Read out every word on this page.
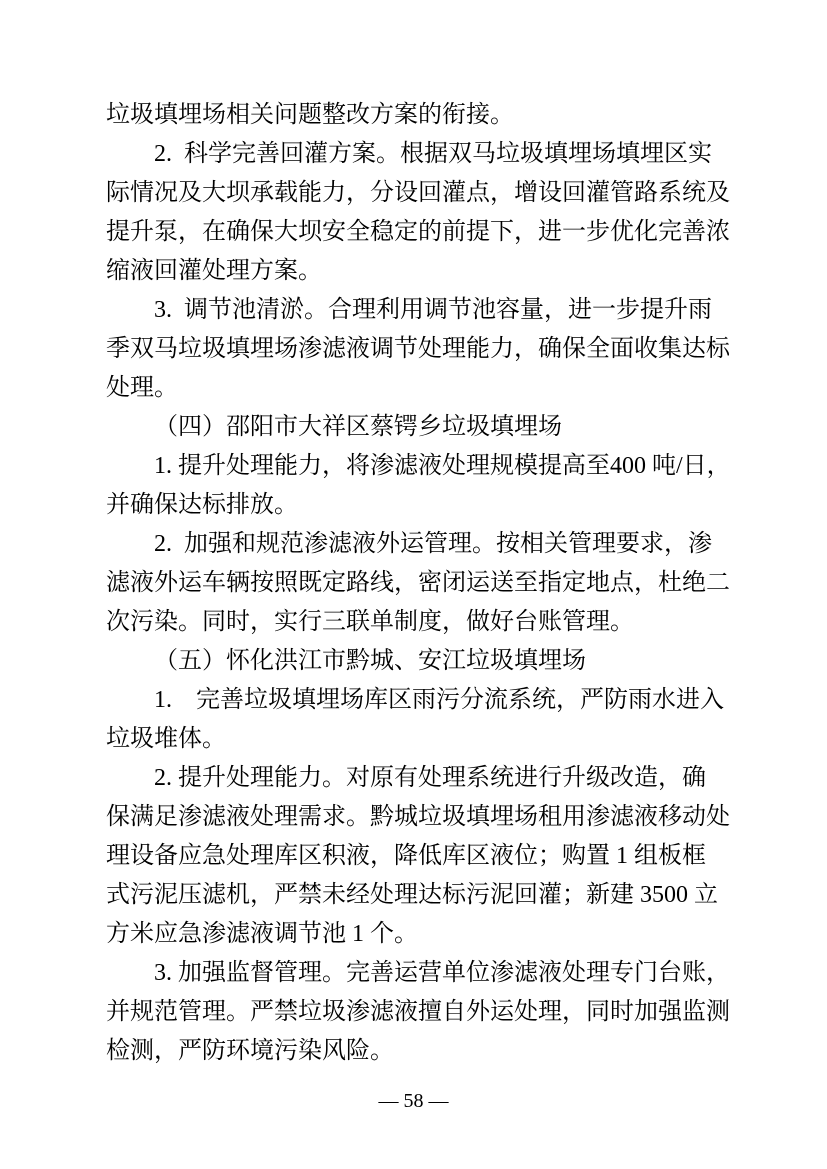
垃圾填埋场相关问题整改方案的衔接。
2.  科学完善回灌方案。根据双马垃圾填埋场填埋区实
际情况及大坝承载能力，分设回灌点，增设回灌管路系统及
提升泵，在确保大坝安全稳定的前提下，进一步优化完善浓
缩液回灌处理方案。
3.  调节池清淤。合理利用调节池容量，进一步提升雨
季双马垃圾填埋场渗滤液调节处理能力，确保全面收集达标
处理。
（四）邵阳市大祥区蔡锷乡垃圾填埋场
1. 提升处理能力，将渗滤液处理规模提高至400 吨/日，
并确保达标排放。
2.  加强和规范渗滤液外运管理。按相关管理要求，渗
滤液外运车辆按照既定路线，密闭运送至指定地点，杜绝二
次污染。同时，实行三联单制度，做好台账管理。
（五）怀化洪江市黔城、安江垃圾填埋场
1.    完善垃圾填埋场库区雨污分流系统，严防雨水进入
垃圾堆体。
2. 提升处理能力。对原有处理系统进行升级改造，确
保满足渗滤液处理需求。黔城垃圾填埋场租用渗滤液移动处
理设备应急处理库区积液，降低库区液位；购置 1 组板框
式污泥压滤机，严禁未经处理达标污泥回灌；新建 3500 立
方米应急渗滤液调节池 1 个。
3. 加强监督管理。完善运营单位渗滤液处理专门台账，
并规范管理。严禁垃圾渗滤液擅自外运处理，同时加强监测
检测，严防环境污染风险。
— 58 —
